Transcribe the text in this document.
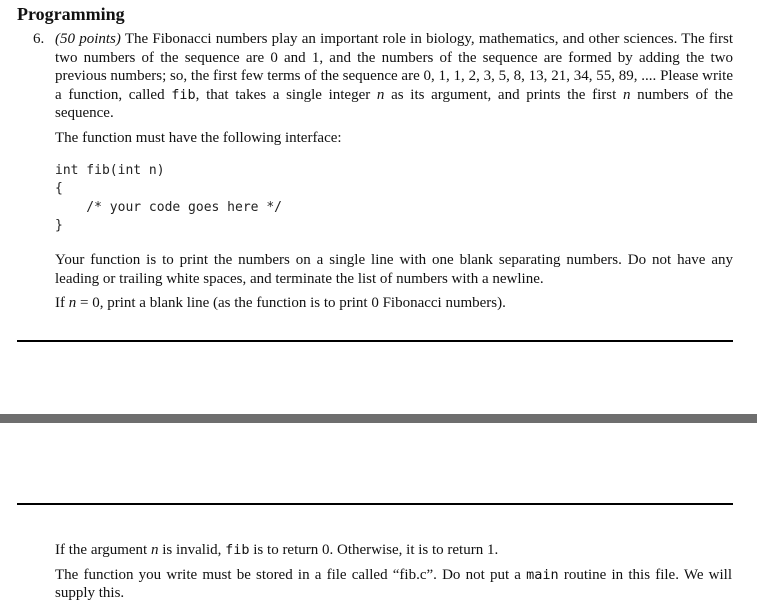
Programming
6. (50 points) The Fibonacci numbers play an important role in biology, mathematics, and other sciences. The first two numbers of the sequence are 0 and 1, and the numbers of the sequence are formed by adding the two previous numbers; so, the first few terms of the sequence are 0, 1, 1, 2, 3, 5, 8, 13, 21, 34, 55, 89, .... Please write a function, called fib, that takes a single integer n as its argument, and prints the first n numbers of the sequence.
The function must have the following interface:
int fib(int n)
{
/* your code goes here */
}
Your function is to print the numbers on a single line with one blank separating numbers. Do not have any leading or trailing white spaces, and terminate the list of numbers with a newline.
If n = 0, print a blank line (as the function is to print 0 Fibonacci numbers).
If the argument n is invalid, fib is to return 0. Otherwise, it is to return 1.
The function you write must be stored in a file called “fib.c”. Do not put a main routine in this file. We will supply this.
